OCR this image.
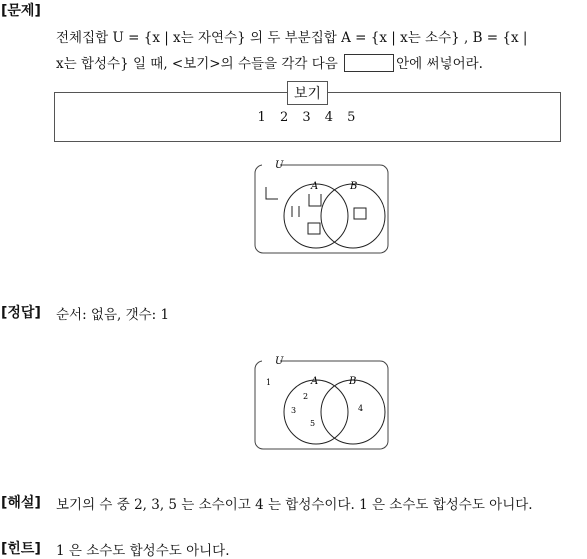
[문제]
전체집합 U = {x | x는 자연수} 의 두 부분집합 A = {x | x는 소수} , B = {x |
x는 합성수} 일 때, <보기>의 수들을 각각 다음	안에 써넣어라.
보기
1 2 3 4 5
U
A	B
[정답] 순서: 없음, 갯수: 1
U
A	B
1
2
3
5
4
[해설] 보기의 수 중 2, 3, 5 는 소수이고 4 는 합성수이다. 1 은 소수도 합성수도 아니다.
[힌트] 1 은 소수도 합성수도 아니다.
